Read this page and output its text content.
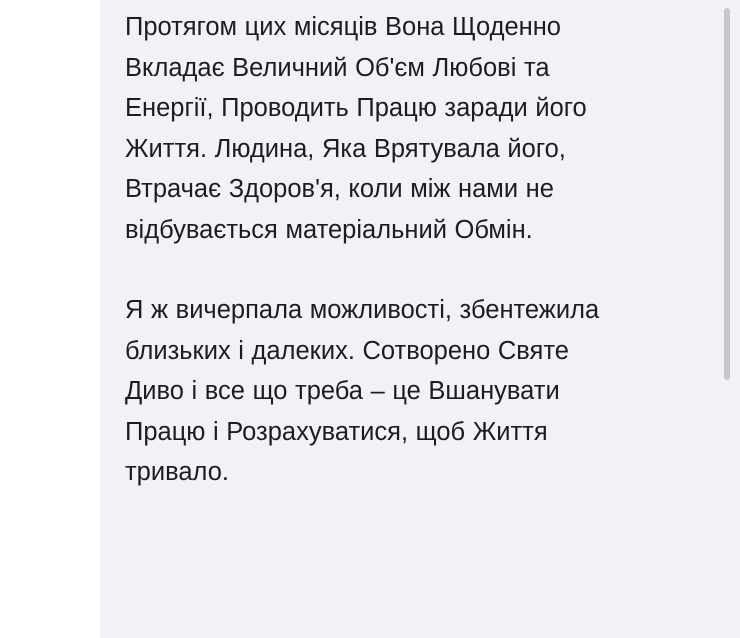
Протягом цих місяців Вона Щоденно Вкладає Величний Об'єм Любові та Енергії, Проводить Працю заради його Життя. Людина, Яка Врятувала його, Втрачає Здоров'я, коли між нами не відбувається матеріальний Обмін.

Я ж вичерпала можливості, збентежила близьких і далеких. Сотворено Святе Диво і все що треба – це Вшанувати Працю і Розрахуватися, щоб Життя тривало.
